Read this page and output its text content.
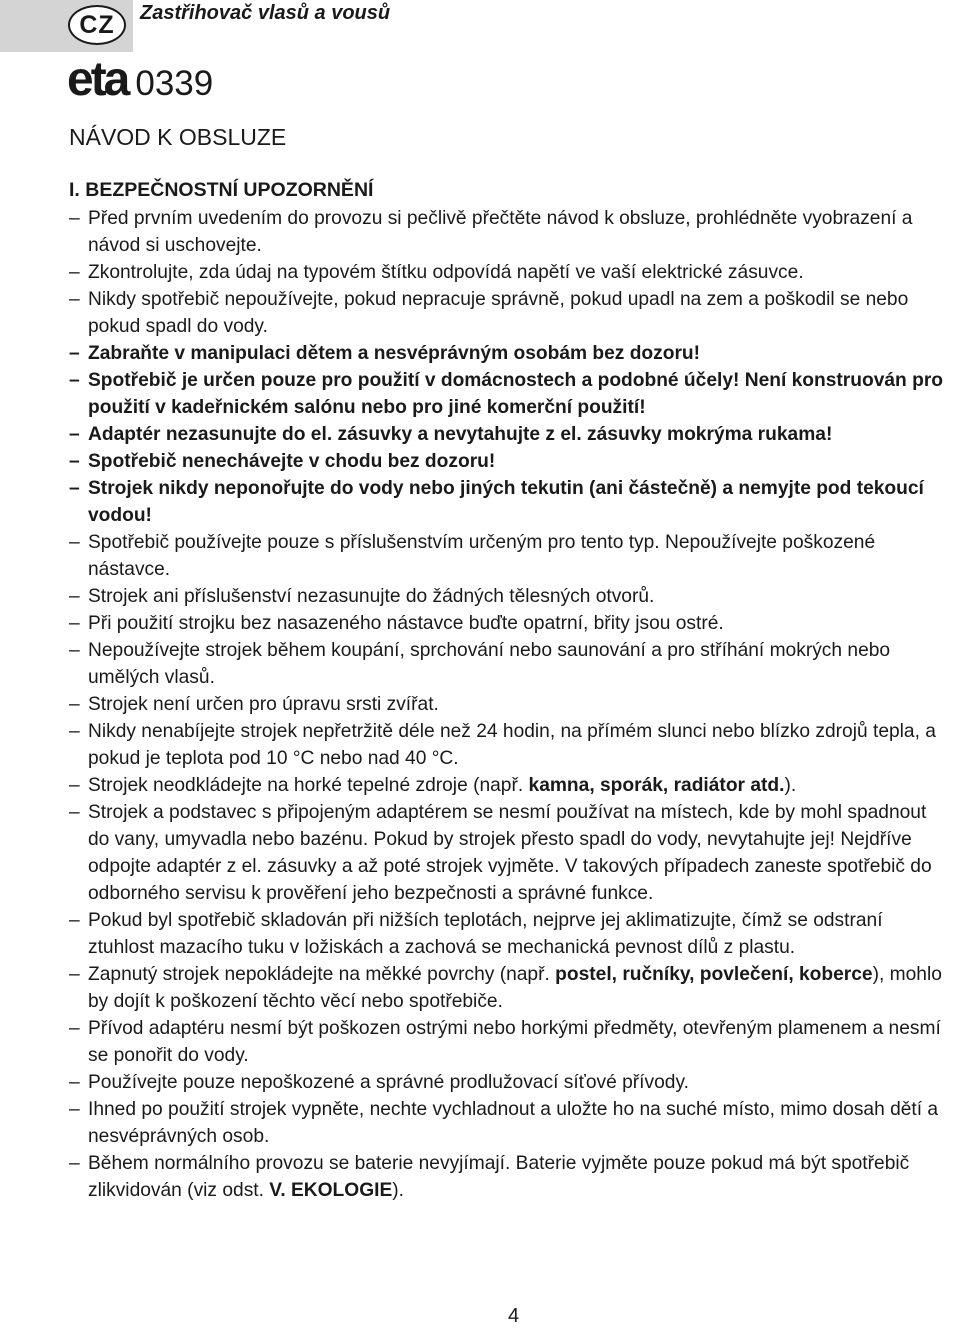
CZ	Zastřihovač vlasů a vousů
eta 0339
NÁVOD K OBSLUZE
I. BEZPEČNOSTNÍ UPOZORNĚNÍ
– Před prvním uvedením do provozu si pečlivě přečtěte návod k obsluze, prohlédněte vyobrazení a návod si uschovejte.
– Zkontrolujte, zda údaj na typovém štítku odpovídá napětí ve vaší elektrické zásuvce.
– Nikdy spotřebič nepoužívejte, pokud nepracuje správně, pokud upadl na zem a poškodil se nebo pokud spadl do vody.
– Zabraňte v manipulaci dětem a nesvéprávným osobám bez dozoru!
– Spotřebič je určen pouze pro použití v domácnostech a podobné účely! Není konstruován pro použití v kadeřnickém salónu nebo pro jiné komerční použití!
– Adaptér nezasunujte do el. zásuvky a nevytahujte z el. zásuvky mokrýma rukama!
– Spotřebič nenechávejte v chodu bez dozoru!
– Strojek nikdy neponořujte do vody nebo jiných tekutin (ani částečně) a nemyjte pod tekoucí vodou!
– Spotřebič používejte pouze s příslušenstvím určeným pro tento typ. Nepoužívejte poškozené nástavce.
– Strojek ani příslušenství nezasunujte do žádných tělesných otvorů.
– Při použití strojku bez nasazeného nástavce buďte opatrní, břity jsou ostré.
– Nepoužívejte strojek během koupání, sprchování nebo saunování a pro stříhání mokrých nebo umělých vlasů.
– Strojek není určen pro úpravu srsti zvířat.
– Nikdy nenabíjejte strojek nepřetržitě déle než 24 hodin, na přímém slunci nebo blízko zdrojů tepla, a pokud je teplota pod 10 °C nebo nad 40 °C.
– Strojek neodkládejte na horké tepelné zdroje (např. kamna, sporák, radiátor atd.).
– Strojek a podstavec s připojeným adaptérem se nesmí používat na místech, kde by mohl spadnout do vany, umyvadla nebo bazénu. Pokud by strojek přesto spadl do vody, nevytahujte jej! Nejdříve odpojte adaptér z el. zásuvky a až poté strojek vyjměte. V takových případech zaneste spotřebič do odborného servisu k prověření jeho bezpečnosti a správné funkce.
– Pokud byl spotřebič skladován při nižších teplotách, nejprve jej aklimatizujte, čímž se odstraní ztuhlost mazacího tuku v ložiskách a zachová se mechanická pevnost dílů z plastu.
– Zapnutý strojek nepokládejte na měkké povrchy (např. postel, ručníky, povlečení, koberce), mohlo by dojít k poškození těchto věcí nebo spotřebiče.
– Přívod adaptéru nesmí být poškozen ostrými nebo horkými předměty, otevřeným plamenem a nesmí se ponořit do vody.
– Používejte pouze nepoškozené a správné prodlužovací síťové přívody.
– Ihned po použití strojek vypněte, nechte vychladnout a uložte ho na suché místo, mimo dosah dětí a nesvéprávných osob.
– Během normálního provozu se baterie nevyjímají. Baterie vyjměte pouze pokud má být spotřebič zlikvidován (viz odst. V. EKOLOGIE).
4
